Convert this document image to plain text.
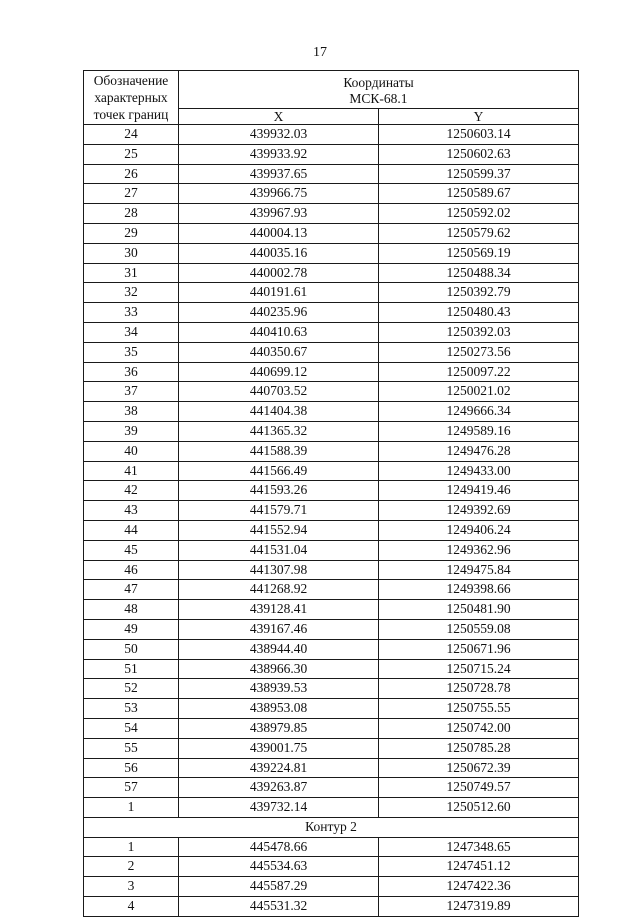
17
Обозначение
характерных
точек границ	Координаты
МСК-68.1	
	X	Y
24	439932.03	1250603.14
25	439933.92	1250602.63
26	439937.65	1250599.37
27	439966.75	1250589.67
28	439967.93	1250592.02
29	440004.13	1250579.62
30	440035.16	1250569.19
31	440002.78	1250488.34
32	440191.61	1250392.79
33	440235.96	1250480.43
34	440410.63	1250392.03
35	440350.67	1250273.56
36	440699.12	1250097.22
37	440703.52	1250021.02
38	441404.38	1249666.34
39	441365.32	1249589.16
40	441588.39	1249476.28
41	441566.49	1249433.00
42	441593.26	1249419.46
43	441579.71	1249392.69
44	441552.94	1249406.24
45	441531.04	1249362.96
46	441307.98	1249475.84
47	441268.92	1249398.66
48	439128.41	1250481.90
49	439167.46	1250559.08
50	438944.40	1250671.96
51	438966.30	1250715.24
52	438939.53	1250728.78
53	438953.08	1250755.55
54	438979.85	1250742.00
55	439001.75	1250785.28
56	439224.81	1250672.39
57	439263.87	1250749.57
1	439732.14	1250512.60
Контур 2		
1	445478.66	1247348.65
2	445534.63	1247451.12
3	445587.29	1247422.36
4	445531.32	1247319.89
